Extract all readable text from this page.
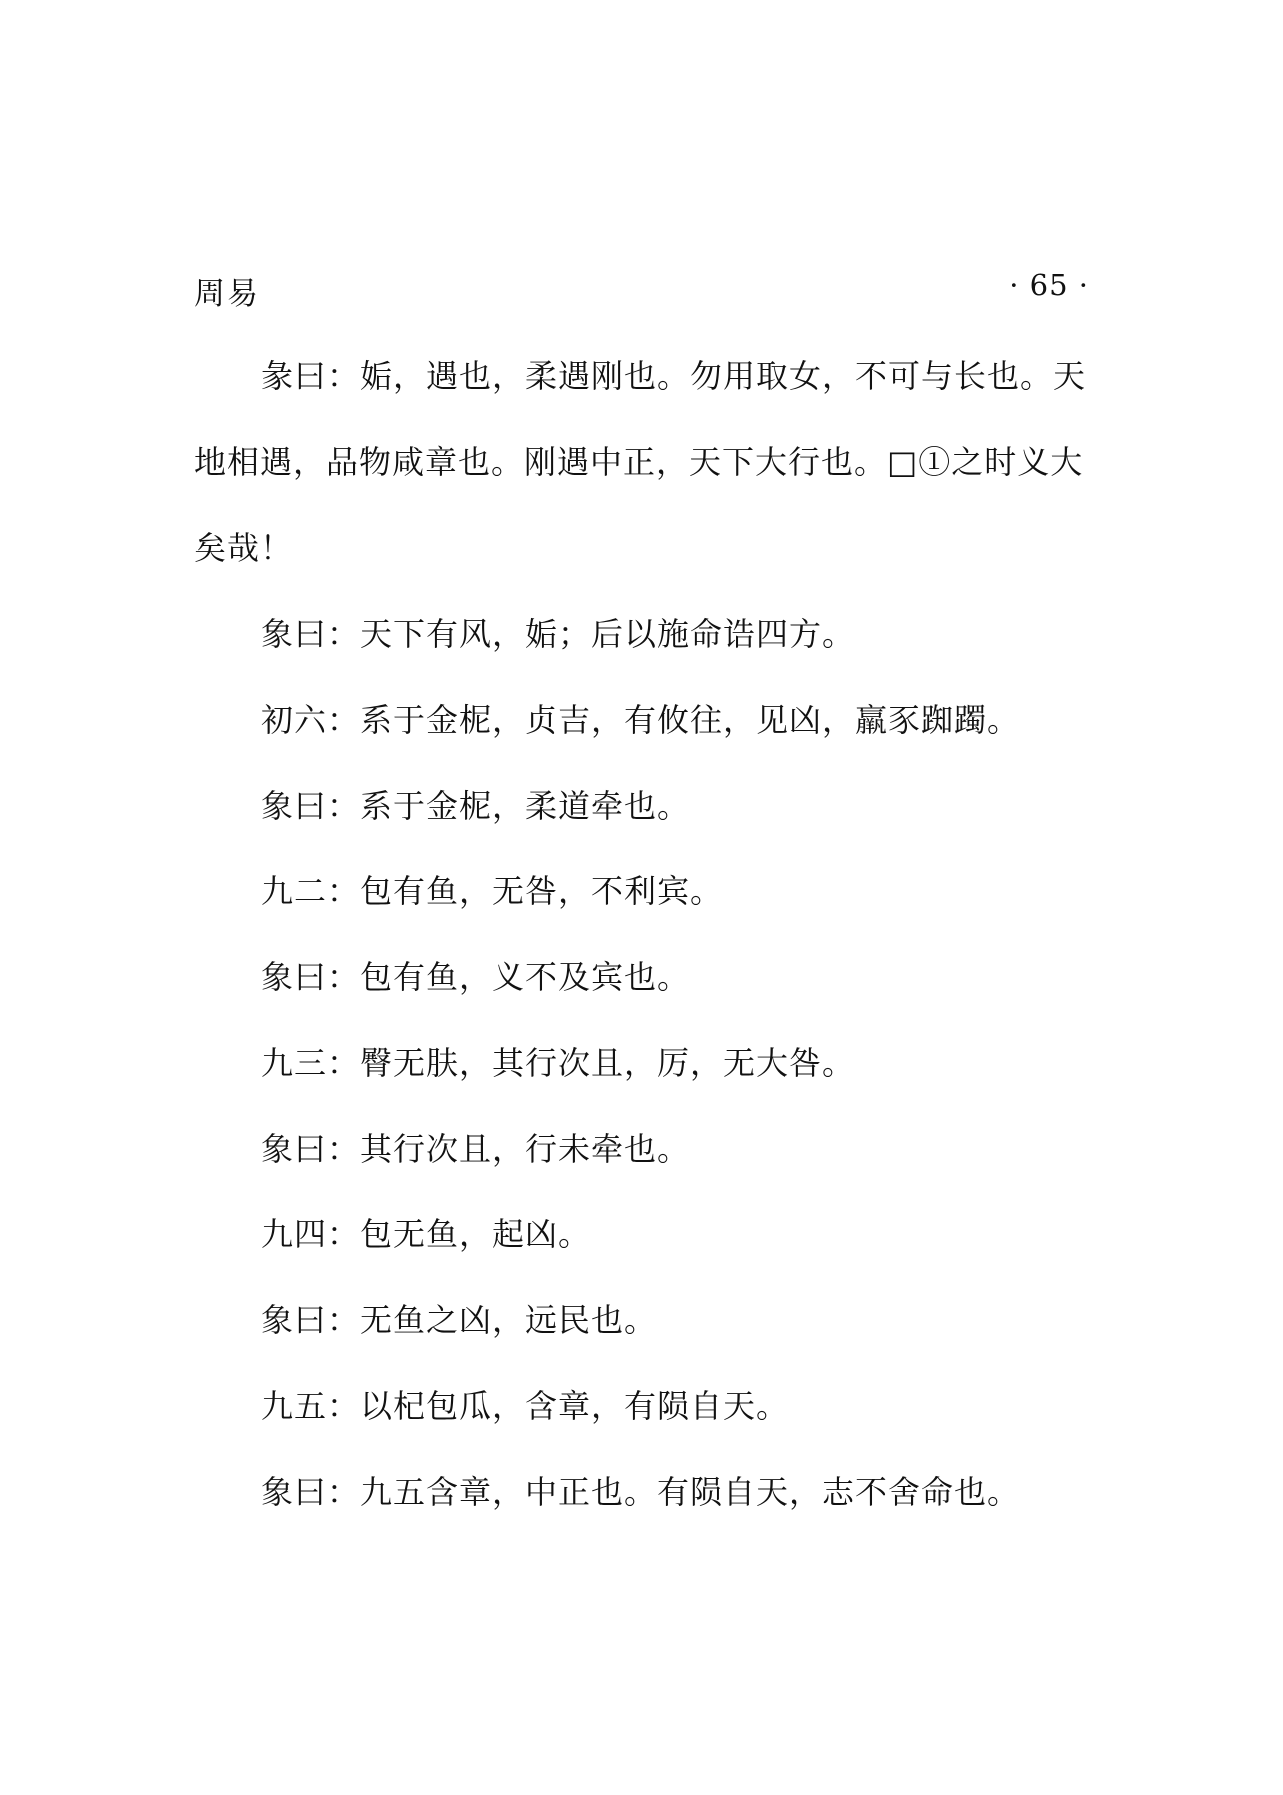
周易	· 65 ·
彖曰：姤，遇也，柔遇刚也。勿用取女，不可与长也。天
地相遇，品物咸章也。刚遇中正，天下大行也。□①之时义大
矣哉！
象曰：天下有风，姤；后以施命诰四方。
初六：系于金柅，贞吉，有攸往，见凶，羸豕踟躅。
象曰：系于金柅，柔道牵也。
九二：包有鱼，无咎，不利宾。
象曰：包有鱼，义不及宾也。
九三：臀无肤，其行次且，厉，无大咎。
象曰：其行次且，行未牵也。
九四：包无鱼，起凶。
象曰：无鱼之凶，远民也。
九五：以杞包瓜，含章，有陨自天。
象曰：九五含章，中正也。有陨自天，志不舍命也。
